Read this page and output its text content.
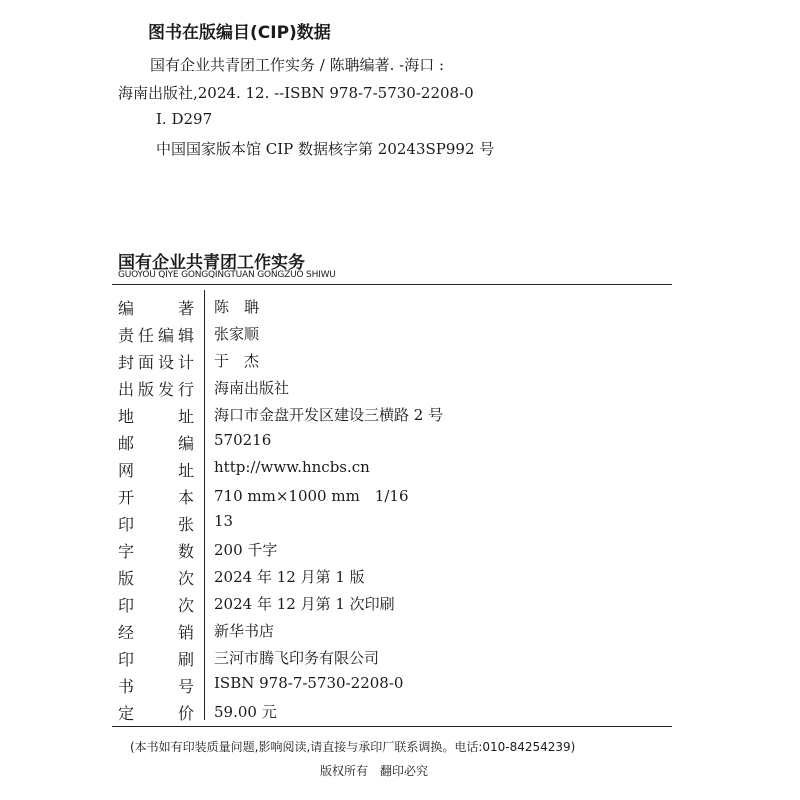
图书在版编目(CIP)数据
国有企业共青团工作实务 / 陈聃编著. -海口 :
海南出版社,2024. 12. --ISBN 978-7-5730-2208-0
Ⅰ. D297
中国国家版本馆 CIP 数据核字第 20243SP992 号
国有企业共青团工作实务
GUOYOU QIYE GONGQINGTUAN GONGZUO SHIWU
编	著 陈　聃
责 任 编 辑 张家顺
封 面 设 计 于　杰
出 版 发 行 海南出版社
地	址 海口市金盘开发区建设三横路 2 号
邮	编 570216
网	址 http://www.hncbs.cn
开	本 710 mm×1000 mm　1/16
印	张 13
字	数 200 千字
版	次 2024 年 12 月第 1 版
印	次 2024 年 12 月第 1 次印刷
经	销 新华书店
印	刷 三河市腾飞印务有限公司
书	号 ISBN 978-7-5730-2208-0
定	价 59.00 元
(本书如有印装质量问题,影响阅读,请直接与承印厂联系调换。电话:010-84254239)
版权所有　翻印必究
